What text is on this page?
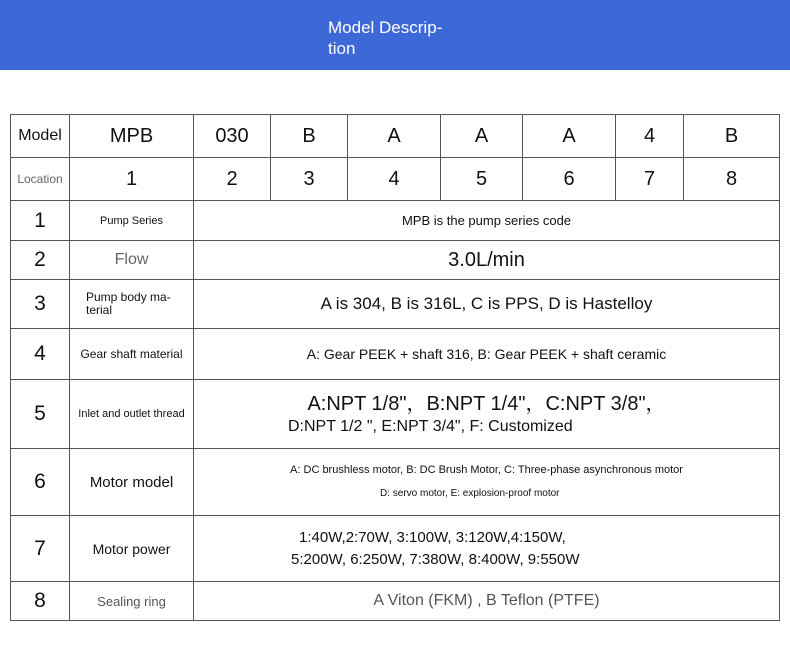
Model Descrip-
tion
Model	MPB	030	B	A	A	A	4	B
Location	1	2	3	4	5	6	7	8
1	Pump Series	MPB is the pump series code						
2	Flow	3.0L/min						
3	Pump body ma-
terial	A is 304, B is 316L, C is PPS, D is Hastelloy						
4	Gear shaft material	A: Gear PEEK + shaft 316, B: Gear PEEK + shaft ceramic						
5	Inlet and outlet thread	A:NPT 1/8"，B:NPT 1/4"，C:NPT 3/8"，
D:NPT 1/2 ", E:NPT 3/4", F: Customized						

6	Motor model	A: DC brushless motor, B: DC Brush Motor, C: Three-phase asynchronous motor
D: servo motor, E: explosion-proof motor						

7	Motor power	1:40W,2:70W, 3:100W, 3:120W,4:150W,
5:200W, 6:250W, 7:380W, 8:400W, 9:550W						

8	Sealing ring	A Viton (FKM) , B Teflon (PTFE)						
